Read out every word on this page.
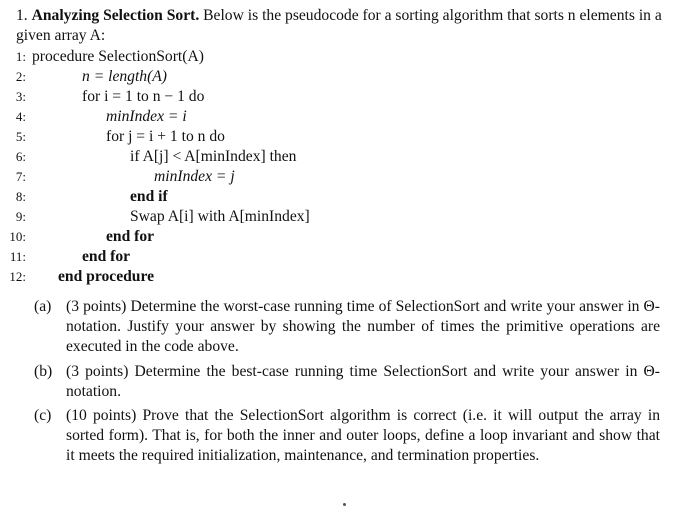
1. Analyzing Selection Sort. Below is the pseudocode for a sorting algorithm that sorts n elements in a given array A:
1: procedure SelectionSort(A)
2:	n = length(A)
3:	for i = 1 to n − 1 do
4:	minIndex = i
5:	for j = i + 1 to n do
6:	if A[j] < A[minIndex] then
7:	minIndex = j
8:	end if
9:	Swap A[i] with A[minIndex]
10:	end for
11:	end for
12: end procedure
(a) (3 points) Determine the worst-case running time of SelectionSort and write your answer in Θ-notation. Justify your answer by showing the number of times the primitive operations are executed in the code above.
(b) (3 points) Determine the best-case running time SelectionSort and write your answer in Θ-notation.
(c) (10 points) Prove that the SelectionSort algorithm is correct (i.e. it will output the array in sorted form). That is, for both the inner and outer loops, define a loop invariant and show that it meets the required initialization, maintenance, and termination properties.
